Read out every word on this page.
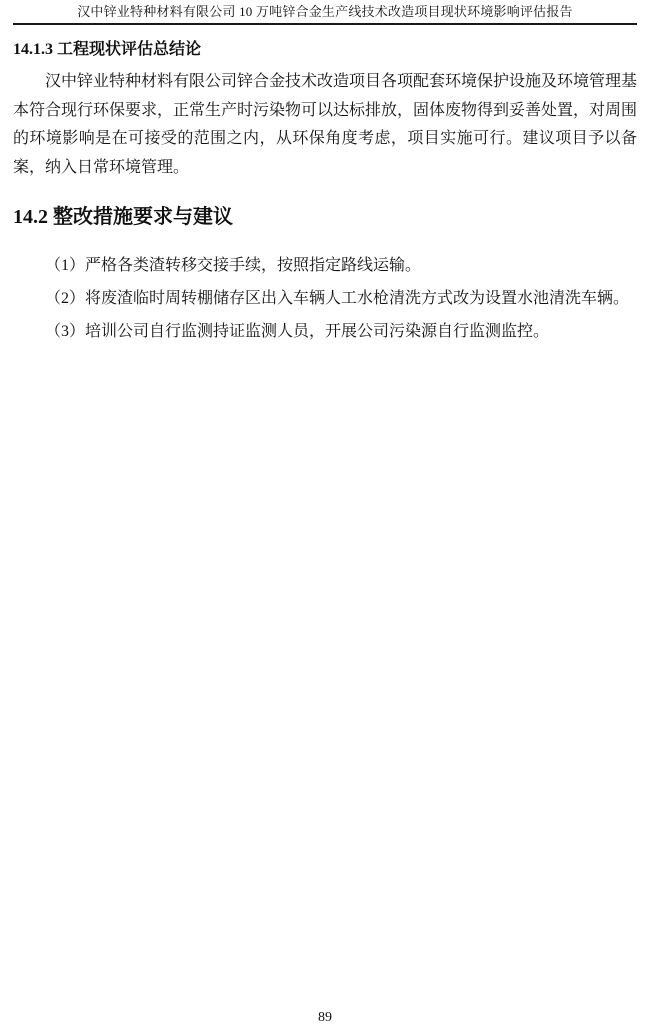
汉中锌业特种材料有限公司 10 万吨锌合金生产线技术改造项目现状环境影响评估报告
14.1.3 工程现状评估总结论

汉中锌业特种材料有限公司锌合金技术改造项目各项配套环境保护设施及环境管理基本符合现行环保要求，正常生产时污染物可以达标排放，固体废物得到妥善处置，对周围的环境影响是在可接受的范围之内，从环保角度考虑，项目实施可行。建议项目予以备案，纳入日常环境管理。

14.2 整改措施要求与建议

（1）严格各类渣转移交接手续，按照指定路线运输。

（2）将废渣临时周转棚储存区出入车辆人工水枪清洗方式改为设置水池清洗车辆。

（3）培训公司自行监测持证监测人员，开展公司污染源自行监测监控。

89
